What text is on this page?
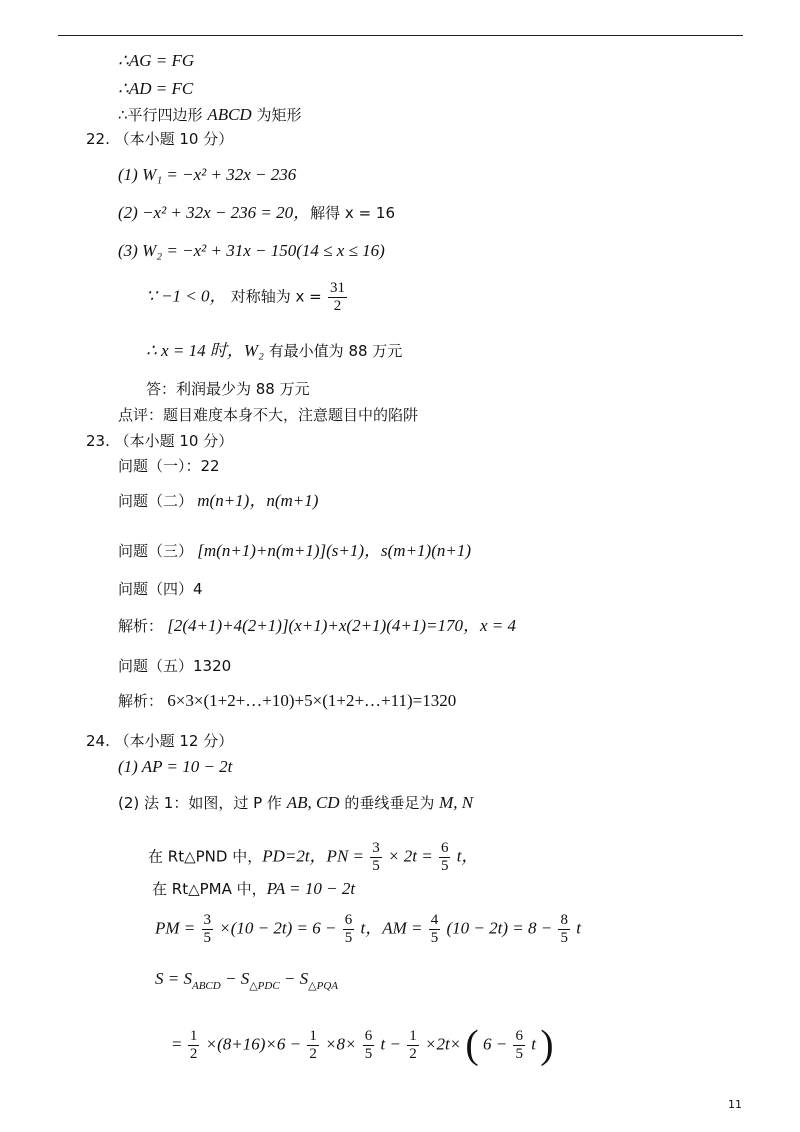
∴AG = FG
∴AD = FC
∴平行四边形 ABCD 为矩形
22. （本小题 10 分）
(1) W₁ = −x² + 32x − 236
(2) −x² + 32x − 236 = 20，解得 x = 16
(3) W₂ = −x² + 31x − 150(14 ≤ x ≤ 16)
∵ −1 < 0， 对称轴为 $x = \frac{31}{2}$
∴ x = 14 时，W₂ 有最小值为 88 万元
答：利润最少为 88 万元
点评：题目难度本身不大，注意题目中的陷阱
23. （本小题 10 分）
问题（一）：22
问题（二） m(n+1)，n(m+1)
问题（三） [m(n+1)+n(m+1)](s+1)，s(m+1)(n+1)
问题（四）4
解析： [2(4+1)+4(2+1)](x+1)+x(2+1)(4+1)=170，x = 4
问题（五）1320
解析： 6×3×(1+2+…+10)+5×(1+2+…+11)=1320
24. （本小题 12 分）
(1) AP = 10 − 2t
(2) 法 1：如图，过 P 作 AB, CD 的垂线垂足为 M, N
在 Rt△PND 中，PD=2t，PN = $\frac{3}{5} \times 2t = \frac{6}{5}$ t，
在 Rt△PMA 中，PA = 10 − 2t
PM = $\frac{3}{5} \times(10 - 2t) = 6 - \frac{6}{5}$ t，AM = $\frac{4}{5} (10 - 2t) = 8 - \frac{8}{5}$ t
$S = S_{ABCD} - S_{\triangle PDC} - S_{\triangle PQA}$
= $\frac{1}{2} \times(8+16)\times 6 - \frac{1}{2} \times 8\times \frac{6}{5}$ $t - \frac{1}{2} \times 2t\times$ ( $6 - \frac{6}{5}$ t )
11
